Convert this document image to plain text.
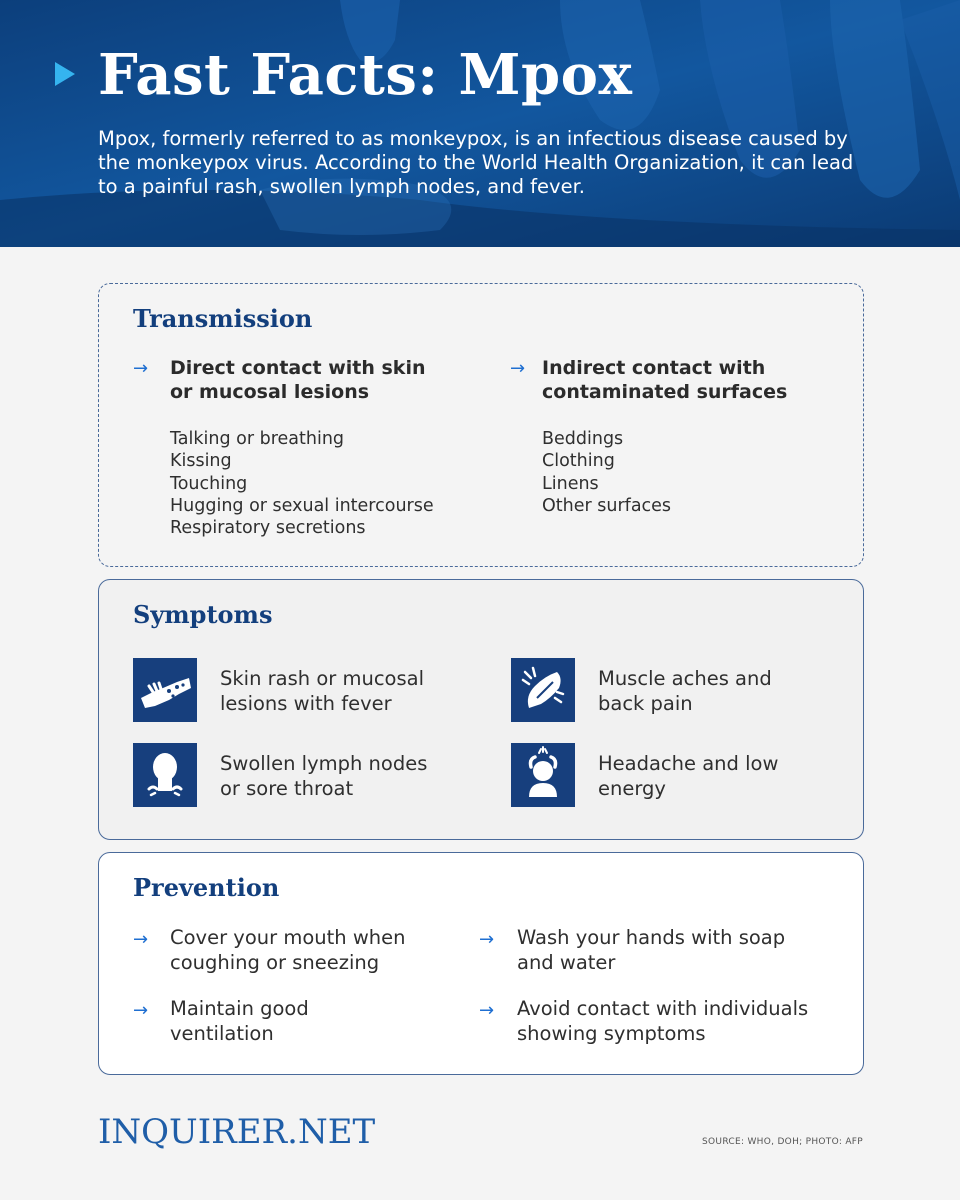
Fast Facts: Mpox

Mpox, formerly referred to as monkeypox, is an infectious disease caused by the monkeypox virus. According to the World Health Organization, it can lead to a painful rash, swollen lymph nodes, and fever.

Transmission
→ Direct contact with skin
or mucosal lesions
Talking or breathing
Kissing
Touching
Hugging or sexual intercourse
Respiratory secretions
→ Indirect contact with
contaminated surfaces
Beddings
Clothing
Linens
Other surfaces
Symptoms
Skin rash or mucosal
lesions with fever
Muscle aches and
back pain
Swollen lymph nodes
or sore throat
Headache and low
energy
Prevention
→ Cover your mouth when
coughing or sneezing
→ Wash your hands with soap
and water
→ Maintain good
ventilation
→ Avoid contact with individuals
showing symptoms
INQUIRER.NET	SOURCE: WHO, DOH; PHOTO: AFP
